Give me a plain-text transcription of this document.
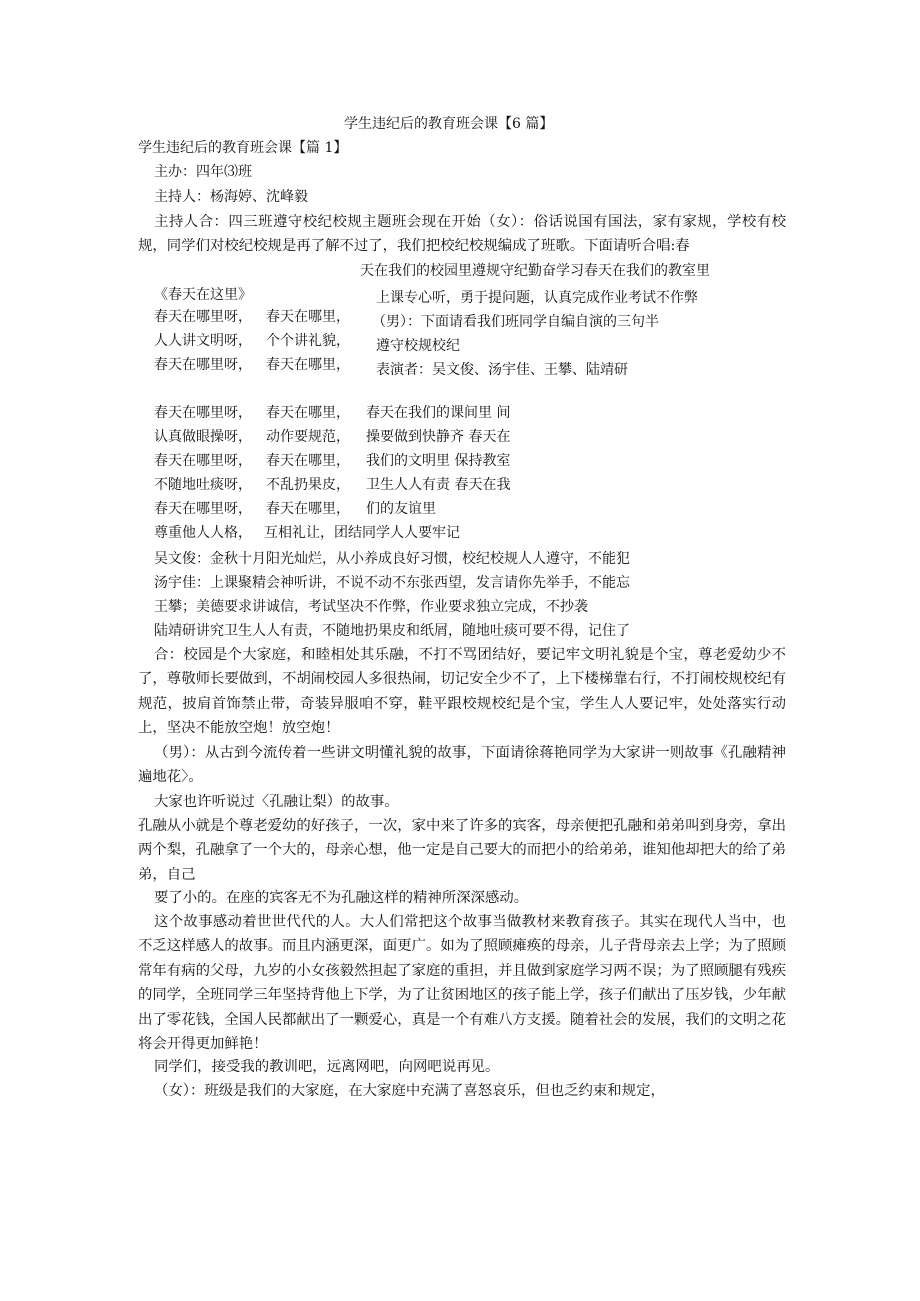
学生违纪后的教育班会课【6 篇】
学生违纪后的教育班会课【篇 1】
主办：四年⑶班
主持人：杨海婷、沈峰毅
主持人合：四三班遵守校纪校规主题班会现在开始（女）：俗话说国有国法，家有家规，学校有校规，同学们对校纪校规是再了解不过了，我们把校纪校规编成了班歌。下面请听合唱:春
天在我们的校园里遵规守纪勤奋学习春天在我们的教室里
上课专心听，勇于提问题，认真完成作业考试不作弊
（男）：下面请看我们班同学自编自演的三句半
遵守校规校纪
表演者：吴文俊、汤宇佳、王攀、陆靖研
《春天在这里》
春天在哪里呀， 春天在哪里，
人人讲文明呀， 个个讲礼貌，
春天在哪里呀， 春天在哪里，
春天在哪里呀， 春天在哪里， 春天在我们的课间里 间
认真做眼操呀， 动作要规范， 操要做到快静齐 春天在
春天在哪里呀， 春天在哪里， 我们的文明里 保持教室
不随地吐痰呀， 不乱扔果皮， 卫生人人有责 春天在我
春天在哪里呀， 春天在哪里， 们的友谊里
尊重他人人格， 互相礼让，团结同学人人要牢记
吴文俊：金秋十月阳光灿烂，从小养成良好习惯，校纪校规人人遵守，不能犯
汤宇佳：上课聚精会神听讲，不说不动不东张西望，发言请你先举手，不能忘
王攀；美德要求讲诚信，考试坚决不作弊，作业要求独立完成，不抄袭
陆靖研讲究卫生人人有责，不随地扔果皮和纸屑，随地吐痰可要不得，记住了
合：校园是个大家庭，和睦相处其乐融，不打不骂团结好，要记牢文明礼貌是个宝，尊老爱幼少不了，尊敬师长要做到，不胡闹校园人多很热闹，切记安全少不了，上下楼梯靠右行，不打闹校规校纪有规范，披肩首饰禁止带，奇装异服咱不穿，鞋平跟校规校纪是个宝，学生人人要记牢，处处落实行动上，坚决不能放空炮！放空炮！
（男）：从古到今流传着一些讲文明懂礼貌的故事，下面请徐蒋艳同学为大家讲一则故事《孔融精神遍地花〉。
大家也许听说过〈孔融让梨）的故事。
孔融从小就是个尊老爱幼的好孩子，一次，家中来了许多的宾客，母亲便把孔融和弟弟叫到身旁，拿出两个梨，孔融拿了一个大的，母亲心想，他一定是自己要大的而把小的给弟弟，谁知他却把大的给了弟弟，自己
要了小的。在座的宾客无不为孔融这样的精神所深深感动。
这个故事感动着世世代代的人。大人们常把这个故事当做教材来教育孩子。其实在现代人当中，也不乏这样感人的故事。而且内涵更深，面更广。如为了照顾瘫痪的母亲，儿子背母亲去上学；为了照顾常年有病的父母，九岁的小女孩毅然担起了家庭的重担，并且做到家庭学习两不误；为了照顾腿有残疾的同学，全班同学三年坚持背他上下学，为了让贫困地区的孩子能上学，孩子们献出了压岁钱，少年献出了零花钱，全国人民都献出了一颗爱心，真是一个有难八方支援。随着社会的发展，我们的文明之花将会开得更加鲜艳！
同学们，接受我的教训吧，远离网吧，向网吧说再见。
（女）：班级是我们的大家庭，在大家庭中充满了喜怒哀乐，但也乏约束和规定，
